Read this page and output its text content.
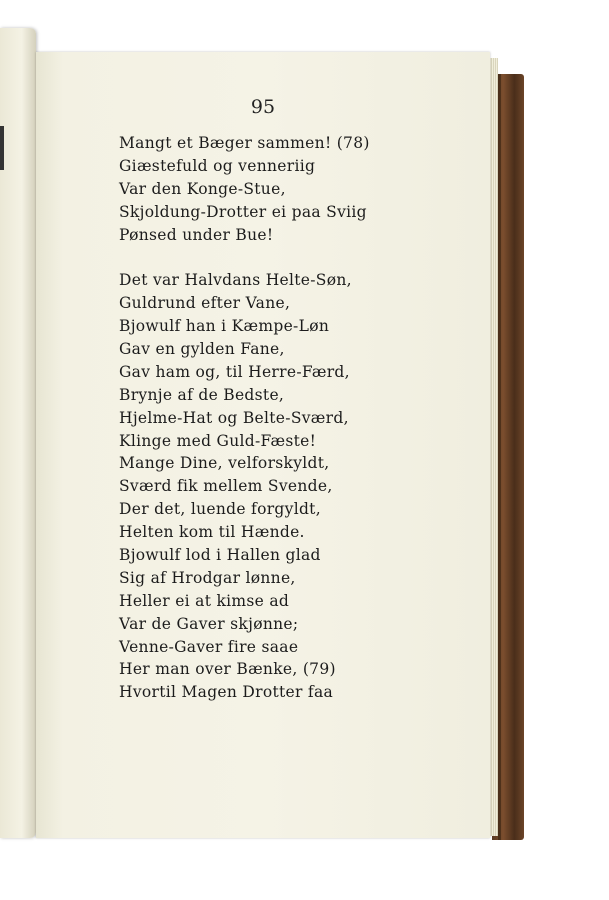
95
Mangt et Bæger sammen! (78)
Giæstefuld og venneriig
Var den Konge-Stue,
Skjoldung-Drotter ei paa Sviig
Pønsed under Bue!
Det var Halvdans Helte-Søn,
Guldrund efter Vane,
Bjowulf han i Kæmpe-Løn
Gav en gylden Fane,
Gav ham og, til Herre-Færd,
Brynje af de Bedste,
Hjelme-Hat og Belte-Sværd,
Klinge med Guld-Fæste!
Mange Dine, velforskyldt,
Sværd fik mellem Svende,
Der det, luende forgyldt,
Helten kom til Hænde.
Bjowulf lod i Hallen glad
Sig af Hrodgar lønne,
Heller ei at kimse ad
Var de Gaver skjønne;
Venne-Gaver fire saae
Her man over Bænke, (79)
Hvortil Magen Drotter faa
